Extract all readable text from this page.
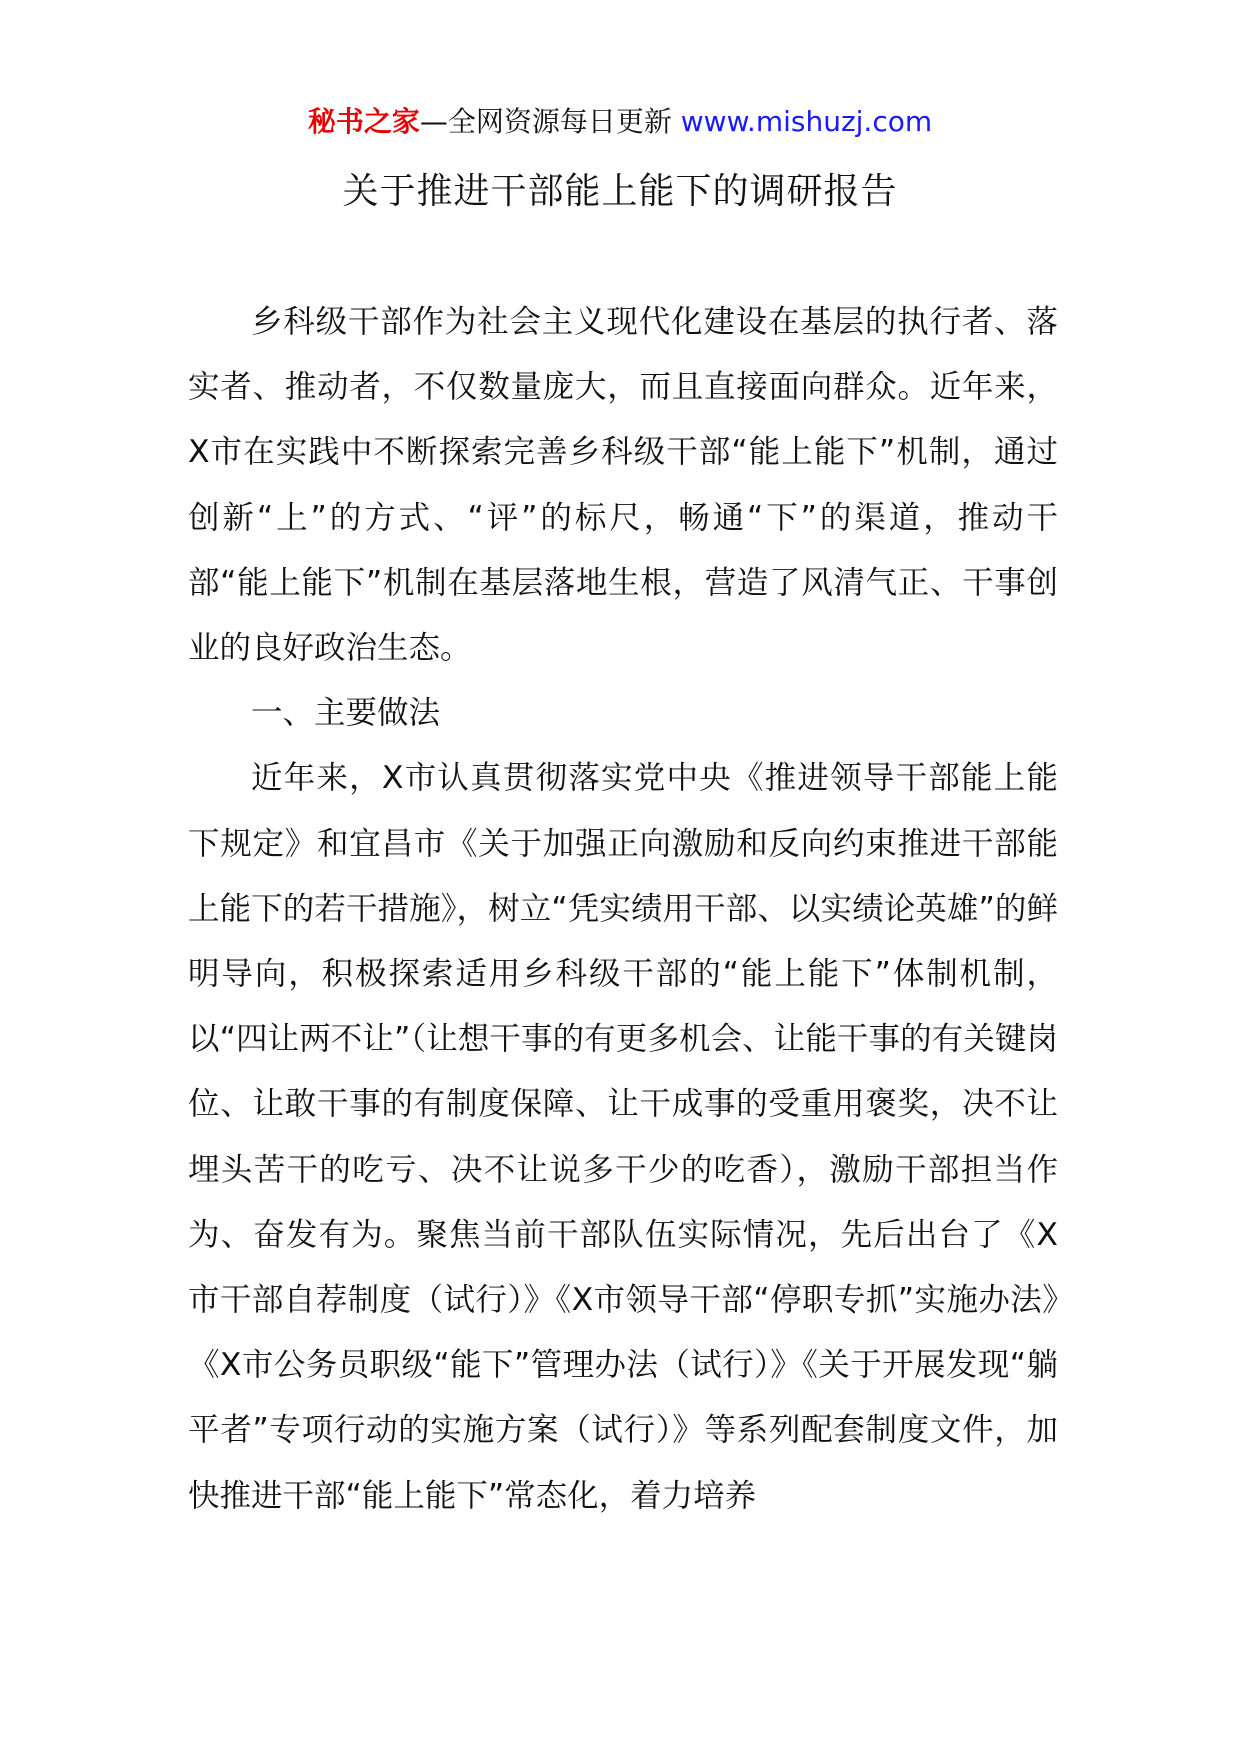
秘书之家—全网资源每日更新 www.mishuzj.com
关于推进干部能上能下的调研报告

乡科级干部作为社会主义现代化建设在基层的执行者、落实者、推动者，不仅数量庞大，而且直接面向群众。近年来，X市在实践中不断探索完善乡科级干部“能上能下”机制，通过创新“上”的方式、“评”的标尺，畅通“下”的渠道，推动干部“能上能下”机制在基层落地生根，营造了风清气正、干事创业的良好政治生态。

一、主要做法

近年来，X市认真贯彻落实党中央《推进领导干部能上能下规定》和宜昌市《关于加强正向激励和反向约束推进干部能上能下的若干措施》，树立“凭实绩用干部、以实绩论英雄”的鲜明导向，积极探索适用乡科级干部的“能上能下”体制机制，以“四让两不让”（让想干事的有更多机会、让能干事的有关键岗位、让敢干事的有制度保障、让干成事的受重用褒奖，决不让埋头苦干的吃亏、决不让说多干少的吃香），激励干部担当作为、奋发有为。聚焦当前干部队伍实际情况，先后出台了《X市干部自荐制度（试行）》《X市领导干部“停职专抓”实施办法》《X市公务员职级“能下”管理办法（试行）》《关于开展发现“躺平者”专项行动的实施方案（试行）》等系列配套制度文件，加快推进干部“能上能下”常态化，着力培养
